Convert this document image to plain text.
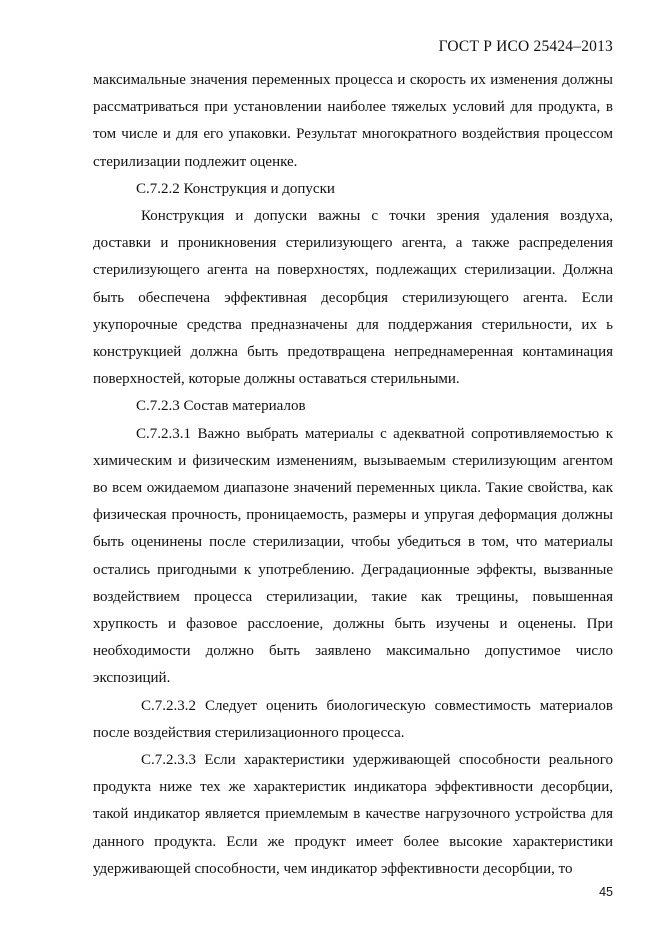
ГОСТ Р ИСО 25424–2013

максимальные значения переменных процесса и скорость их изменения должны рассматриваться при установлении наиболее тяжелых условий для продукта, в том числе и для его упаковки. Результат многократного воздействия процессом стерилизации подлежит оценке.

С.7.2.2 Конструкция и допуски

Конструкция и допуски важны с точки зрения удаления воздуха, доставки и проникновения стерилизующего агента, а также распределения стерилизующего агента на поверхностях, подлежащих стерилизации. Должна быть обеспечена эффективная десорбция стерилизующего агента. Если укупорочные средства предназначены для поддержания стерильности, их ь конструкцией должна быть предотвращена непреднамеренная контаминация поверхностей, которые должны оставаться стерильными.

С.7.2.3 Состав материалов

С.7.2.3.1 Важно выбрать материалы с адекватной сопротивляемостью к химическим и физическим изменениям, вызываемым стерилизующим агентом во всем ожидаемом диапазоне значений переменных цикла. Такие свойства, как физическая прочность, проницаемость, размеры и упругая деформация должны быть оценинены после стерилизации, чтобы убедиться в том, что материалы остались пригодными к употреблению. Деградационные эффекты, вызванные воздействием процесса стерилизации, такие как трещины, повышенная хрупкость и фазовое расслоение, должны быть изучены и оценены. При необходимости должно быть заявлено максимально допустимое число экспозиций.

С.7.2.3.2 Следует оценить биологическую совместимость материалов после воздействия стерилизационного процесса.

С.7.2.3.3 Если характеристики удерживающей способности реального продукта ниже тех же характеристик индикатора эффективности десорбции, такой индикатор является приемлемым в качестве нагрузочного устройства для данного продукта. Если же продукт имеет более высокие характеристики удерживающей способности, чем индикатор эффективности десорбции, то

45
